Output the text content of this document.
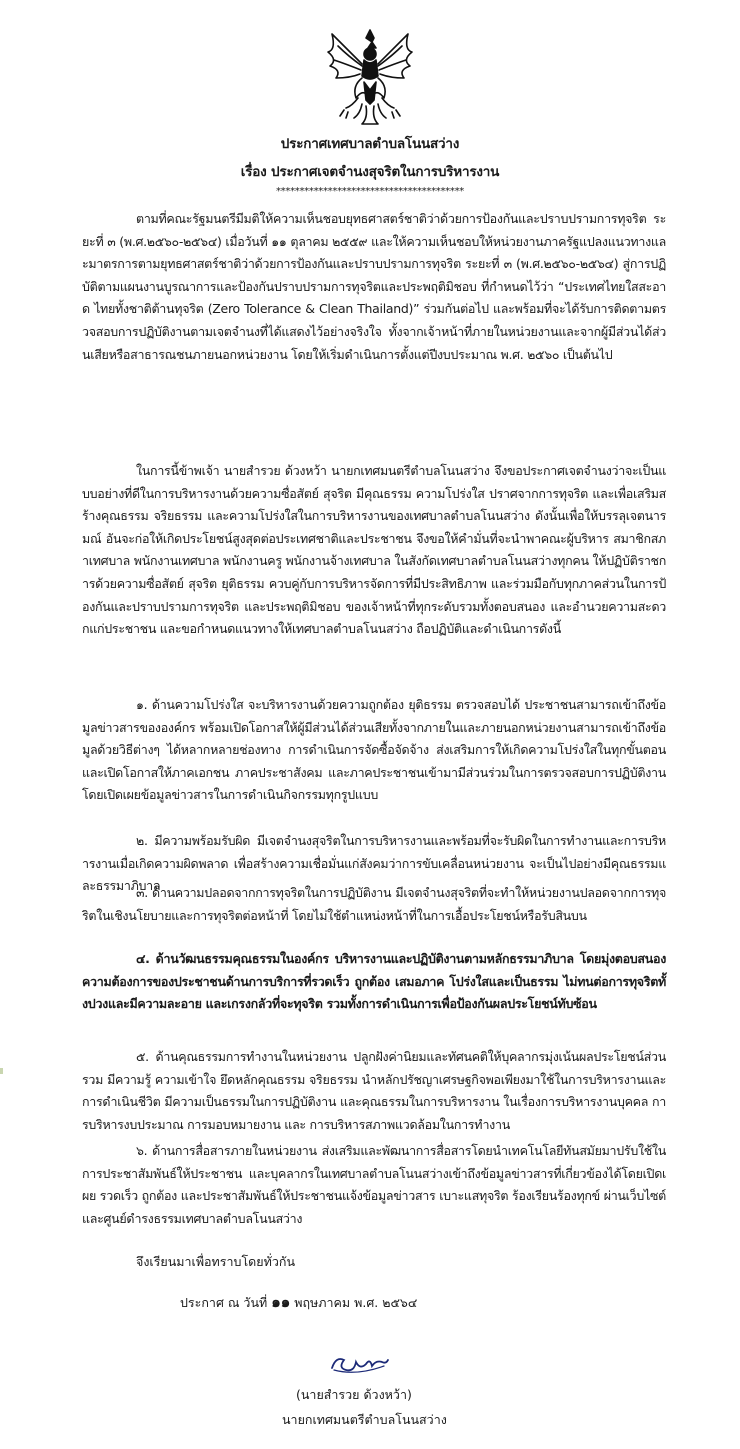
ประกาศเทศบาลตำบลโนนสว่าง
เรื่อง ประกาศเจตจำนงสุจริตในการบริหารงาน
****************************************

ตามที่คณะรัฐมนตรีมีมติให้ความเห็นชอบยุทธศาสตร์ชาติว่าด้วยการป้องกันและปราบปรามการทุจริต ระยะที่ ๓ (พ.ศ.๒๕๖๐-๒๕๖๔) เมื่อวันที่ ๑๑ ตุลาคม ๒๕๕๙ และให้ความเห็นชอบให้หน่วยงานภาครัฐแปลงแนวทางและมาตรการตามยุทธศาสตร์ชาติว่าด้วยการป้องกันและปราบปรามการทุจริต ระยะที่ ๓ (พ.ศ.๒๕๖๐-๒๕๖๔) สู่การปฏิบัติตามแผนงานบูรณาการและป้องกันปราบปรามการทุจริตและประพฤติมิชอบ ที่กำหนดไว้ว่า “ประเทศไทยใสสะอาด ไทยทั้งชาติต้านทุจริต (Zero Tolerance & Clean Thailand)” ร่วมกันต่อไป และพร้อมที่จะได้รับการติดตามตรวจสอบการปฏิบัติงานตามเจตจำนงที่ได้แสดงไว้อย่างจริงใจ ทั้งจากเจ้าหน้าที่ภายในหน่วยงานและจากผู้มีส่วนได้ส่วนเสียหรือสาธารณชนภายนอกหน่วยงาน โดยให้เริ่มดำเนินการตั้งแต่ปีงบประมาณ พ.ศ. ๒๕๖๐ เป็นต้นไป

ในการนี้ข้าพเจ้า นายสำรวย ด้วงหว้า นายกเทศมนตรีตำบลโนนสว่าง จึงขอประกาศเจตจำนงว่าจะเป็นแบบอย่างที่ดีในการบริหารงานด้วยความซื่อสัตย์ สุจริต มีคุณธรรม ความโปร่งใส ปราศจากการทุจริต และเพื่อเสริมสร้างคุณธรรม จริยธรรม และความโปร่งใสในการบริหารงานของเทศบาลตำบลโนนสว่าง ดังนั้นเพื่อให้บรรลุเจตนารมณ์ อันจะก่อให้เกิดประโยชน์สูงสุดต่อประเทศชาติและประชาชน จึงขอให้คำมั่นที่จะนำพาคณะผู้บริหาร สมาชิกสภาเทศบาล พนักงานเทศบาล พนักงานครู พนักงานจ้างเทศบาล ในสังกัดเทศบาลตำบลโนนสว่างทุกคน ให้ปฏิบัติราชการด้วยความซื่อสัตย์ สุจริต ยุติธรรม ควบคู่กับการบริหารจัดการที่มีประสิทธิภาพ และร่วมมือกับทุกภาคส่วนในการป้องกันและปราบปรามการทุจริต และประพฤติมิชอบ ของเจ้าหน้าที่ทุกระดับรวมทั้งตอบสนอง และอำนวยความสะดวกแก่ประชาชน และขอกำหนดแนวทางให้เทศบาลตำบลโนนสว่าง ถือปฏิบัติและดำเนินการดังนี้

๑. ด้านความโปร่งใส จะบริหารงานด้วยความถูกต้อง ยุติธรรม ตรวจสอบได้ ประชาชนสามารถเข้าถึงข้อมูลข่าวสารขององค์กร พร้อมเปิดโอกาสให้ผู้มีส่วนได้ส่วนเสียทั้งจากภายในและภายนอกหน่วยงานสามารถเข้าถึงข้อมูลด้วยวิธีต่างๆ ได้หลากหลายช่องทาง การดำเนินการจัดซื้อจัดจ้าง ส่งเสริมการให้เกิดความโปร่งใสในทุกขั้นตอน และเปิดโอกาสให้ภาคเอกชน ภาคประชาสังคม และภาคประชาชนเข้ามามีส่วนร่วมในการตรวจสอบการปฏิบัติงานโดยเปิดเผยข้อมูลข่าวสารในการดำเนินกิจกรรมทุกรูปแบบ

๒. มีความพร้อมรับผิด มีเจตจำนงสุจริตในการบริหารงานและพร้อมที่จะรับผิดในการทำงานและการบริหารงานเมื่อเกิดความผิดพลาด เพื่อสร้างความเชื่อมั่นแก่สังคมว่าการขับเคลื่อนหน่วยงาน จะเป็นไปอย่างมีคุณธรรมและธรรมาภิบาล

๓. ด้านความปลอดจากการทุจริตในการปฏิบัติงาน มีเจตจำนงสุจริตที่จะทำให้หน่วยงานปลอดจากการทุจริตในเชิงนโยบายและการทุจริตต่อหน้าที่ โดยไม่ใช้ตำแหน่งหน้าที่ในการเอื้อประโยชน์หรือรับสินบน

๔. ด้านวัฒนธรรมคุณธรรมในองค์กร บริหารงานและปฏิบัติงานตามหลักธรรมาภิบาล โดยมุ่งตอบสนองความต้องการของประชาชนด้านการบริการที่รวดเร็ว ถูกต้อง เสมอภาค โปร่งใสและเป็นธรรม ไม่ทนต่อการทุจริตทั้งปวงและมีความละอาย และเกรงกลัวที่จะทุจริต รวมทั้งการดำเนินการเพื่อป้องกันผลประโยชน์ทับซ้อน

๕. ด้านคุณธรรมการทำงานในหน่วยงาน ปลูกฝังค่านิยมและทัศนคติให้บุคลากรมุ่งเน้นผลประโยชน์ส่วนรวม มีความรู้ ความเข้าใจ ยึดหลักคุณธรรม จริยธรรม นำหลักปรัชญาเศรษฐกิจพอเพียงมาใช้ในการบริหารงานและการดำเนินชีวิต มีความเป็นธรรมในการปฏิบัติงาน และคุณธรรมในการบริหารงาน ในเรื่องการบริหารงานบุคคล การบริหารงบประมาณ การมอบหมายงาน และ การบริหารสภาพแวดล้อมในการทำงาน

๖. ด้านการสื่อสารภายในหน่วยงาน ส่งเสริมและพัฒนาการสื่อสารโดยนำเทคโนโลยีทันสมัยมาปรับใช้ในการประชาสัมพันธ์ให้ประชาชน และบุคลากรในเทศบาลตำบลโนนสว่างเข้าถึงข้อมูลข่าวสารที่เกี่ยวข้องได้โดยเปิดเผย รวดเร็ว ถูกต้อง และประชาสัมพันธ์ให้ประชาชนแจ้งข้อมูลข่าวสาร เบาะแสทุจริต ร้องเรียนร้องทุกข์ ผ่านเว็บไซต์ และศูนย์ดำรงธรรมเทศบาลตำบลโนนสว่าง

จึงเรียนมาเพื่อทราบโดยทั่วกัน
ประกาศ ณ วันที่ ๑๑ พฤษภาคม พ.ศ. ๒๕๖๔
(นายสำรวย ด้วงหว้า)
นายกเทศมนตรีตำบลโนนสว่าง
